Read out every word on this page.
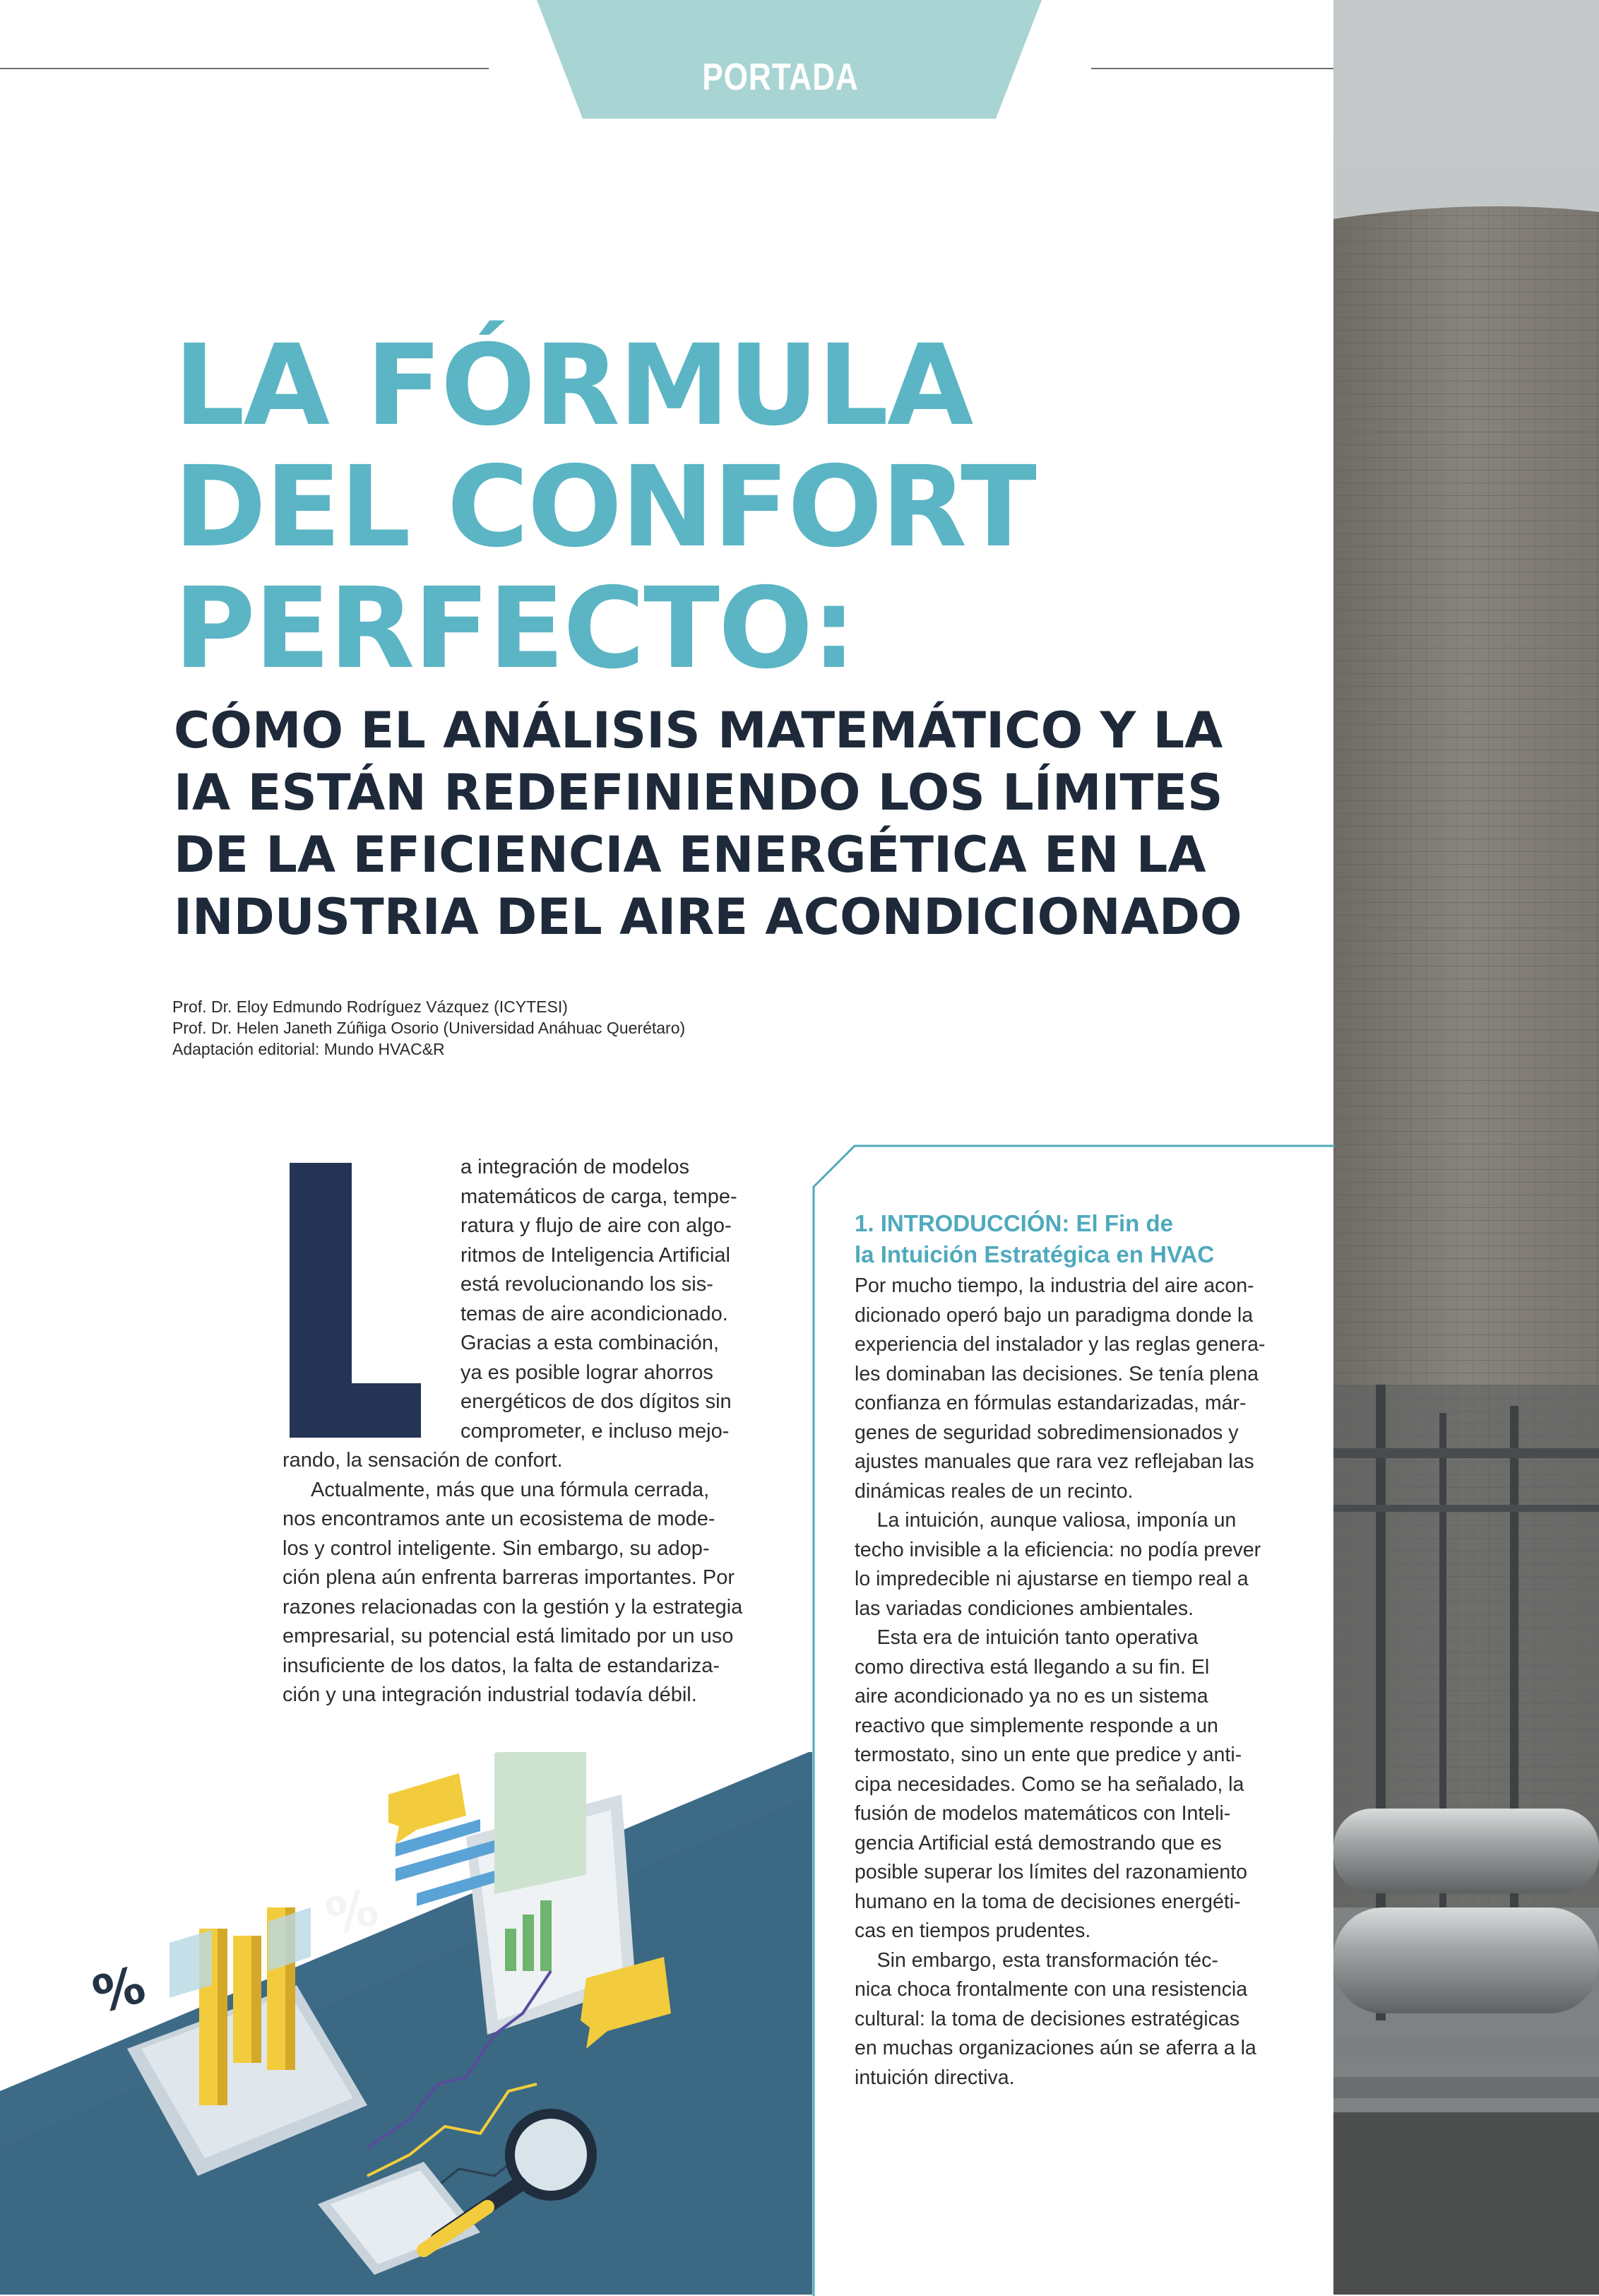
PORTADA
LA FÓRMULA
DEL CONFORT
PERFECTO:
CÓMO EL ANÁLISIS MATEMÁTICO Y LA
IA ESTÁN REDEFINIENDO LOS LÍMITES
DE LA EFICIENCIA ENERGÉTICA EN LA
INDUSTRIA DEL AIRE ACONDICIONADO
Prof. Dr. Eloy Edmundo Rodríguez Vázquez (ICYTESI)
Prof. Dr. Helen Janeth Zúñiga Osorio (Universidad Anáhuac Querétaro)
Adaptación editorial: Mundo HVAC&R
a integración de modelos
matemáticos de carga, tempe-
ratura y flujo de aire con algo-
ritmos de Inteligencia Artificial
está revolucionando los sis-
temas de aire acondicionado.
Gracias a esta combinación,
ya es posible lograr ahorros
energéticos de dos dígitos sin
comprometer, e incluso mejo-
rando, la sensación de confort.
Actualmente, más que una fórmula cerrada,
nos encontramos ante un ecosistema de mode-
los y control inteligente. Sin embargo, su adop-
ción plena aún enfrenta barreras importantes. Por
razones relacionadas con la gestión y la estrategia
empresarial, su potencial está limitado por un uso
insuficiente de los datos, la falta de estandariza-
ción y una integración industrial todavía débil.
1. INTRODUCCIÓN: El Fin de
la Intuición Estratégica en HVAC
Por mucho tiempo, la industria del aire acon-
dicionado operó bajo un paradigma donde la
experiencia del instalador y las reglas genera-
les dominaban las decisiones. Se tenía plena
confianza en fórmulas estandarizadas, már-
genes de seguridad sobredimensionados y
ajustes manuales que rara vez reflejaban las
dinámicas reales de un recinto.
La intuición, aunque valiosa, imponía un
techo invisible a la eficiencia: no podía prever
lo impredecible ni ajustarse en tiempo real a
las variadas condiciones ambientales.
Esta era de intuición tanto operativa
como directiva está llegando a su fin. El
aire acondicionado ya no es un sistema
reactivo que simplemente responde a un
termostato, sino un ente que predice y anti-
cipa necesidades. Como se ha señalado, la
fusión de modelos matemáticos con Inteli-
gencia Artificial está demostrando que es
posible superar los límites del razonamiento
humano en la toma de decisiones energéti-
cas en tiempos prudentes.
Sin embargo, esta transformación téc-
nica choca frontalmente con una resistencia
cultural: la toma de decisiones estratégicas
en muchas organizaciones aún se aferra a la
intuición directiva.
%
%
